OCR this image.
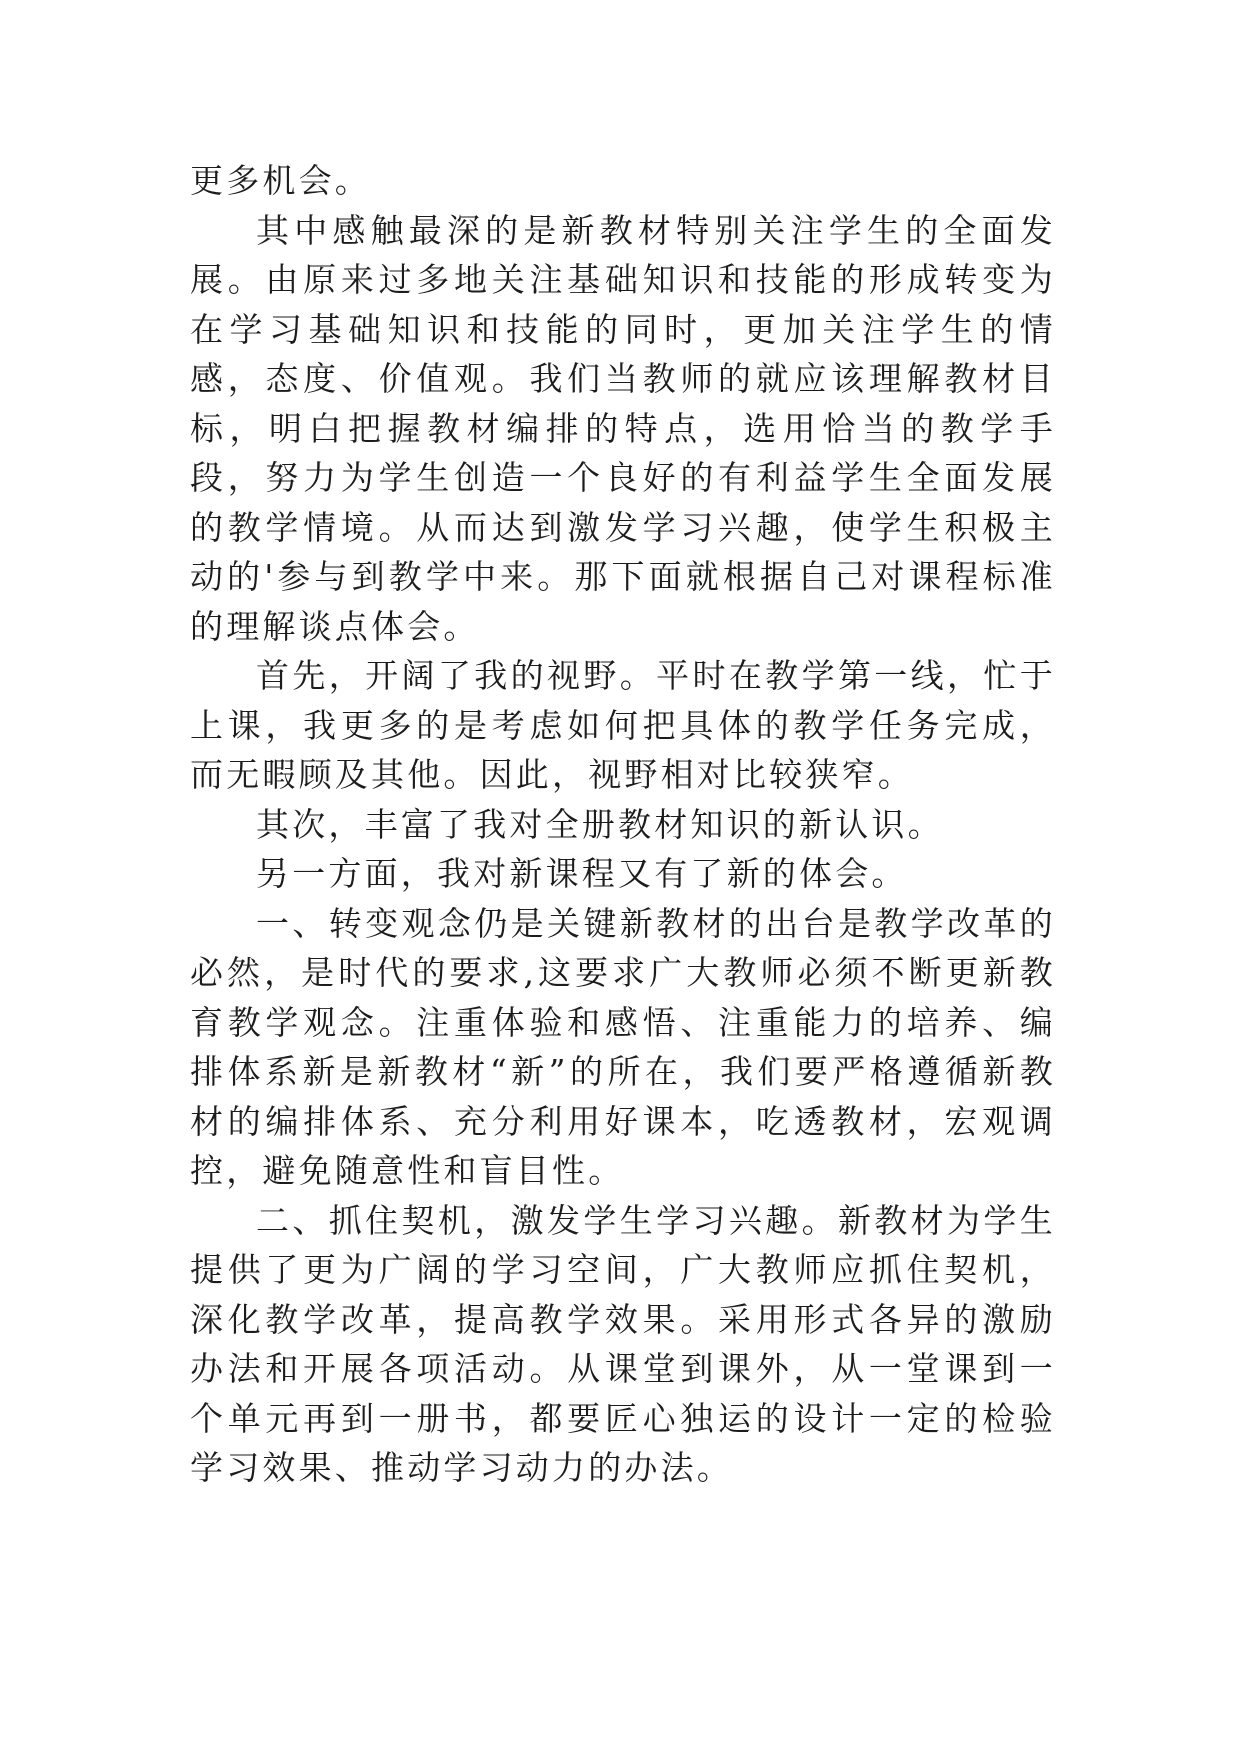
更多机会。

其中感触最深的是新教材特别关注学生的全面发展。由原来过多地关注基础知识和技能的形成转变为在学习基础知识和技能的同时，更加关注学生的情感，态度、价值观。我们当教师的就应该理解教材目标，明白把握教材编排的特点，选用恰当的教学手段，努力为学生创造一个良好的有利益学生全面发展的教学情境。从而达到激发学习兴趣，使学生积极主动的'参与到教学中来。那下面就根据自己对课程标准的理解谈点体会。

首先，开阔了我的视野。平时在教学第一线，忙于上课，我更多的是考虑如何把具体的教学任务完成，而无暇顾及其他。因此，视野相对比较狭窄。

其次，丰富了我对全册教材知识的新认识。

另一方面，我对新课程又有了新的体会。

一、转变观念仍是关键新教材的出台是教学改革的必然，是时代的要求,这要求广大教师必须不断更新教育教学观念。注重体验和感悟、注重能力的培养、编排体系新是新教材“新”的所在，我们要严格遵循新教材的编排体系、充分利用好课本，吃透教材，宏观调控，避免随意性和盲目性。

二、抓住契机，激发学生学习兴趣。新教材为学生提供了更为广阔的学习空间，广大教师应抓住契机，深化教学改革，提高教学效果。采用形式各异的激励办法和开展各项活动。从课堂到课外，从一堂课到一个单元再到一册书，都要匠心独运的设计一定的检验学习效果、推动学习动力的办法。
